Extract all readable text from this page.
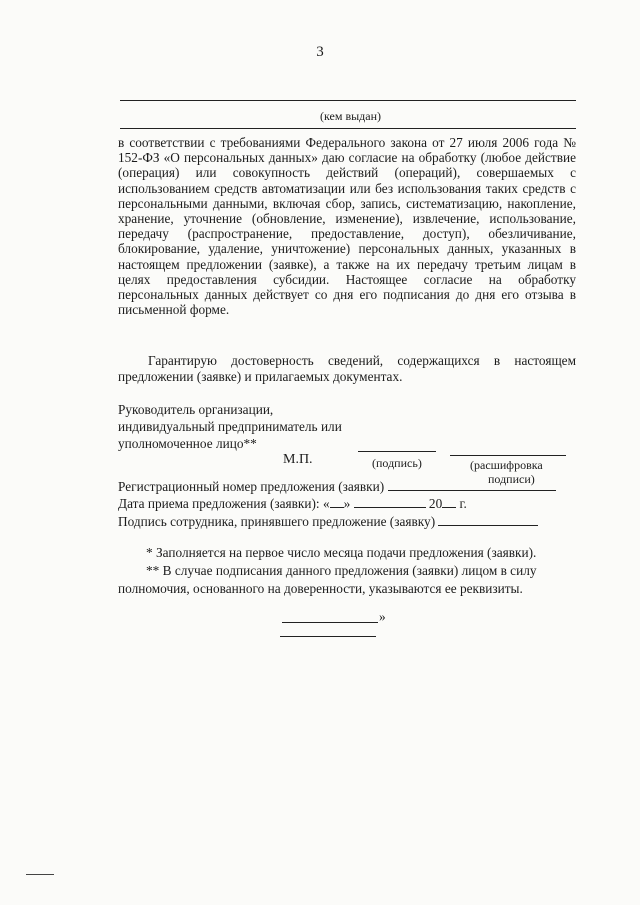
3
(кем выдан)
в соответствии с требованиями Федерального закона от 27 июля 2006 года № 152-ФЗ «О персональных данных» даю согласие на обработку (любое действие (операция) или совокупность действий (операций), совершаемых с использованием средств автоматизации или без использования таких средств с персональными данными, включая сбор, запись, систематизацию, накопление, хранение, уточнение (обновление, изменение), извлечение, использование, передачу (распространение, предоставление, доступ), обезличивание, блокирование, удаление, уничтожение) персональных данных, указанных в настоящем предложении (заявке), а также на их передачу третьим лицам в целях предоставления субсидии. Настоящее согласие на обработку персональных данных действует со дня его подписания до дня его отзыва в письменной форме.
Гарантирую достоверность сведений, содержащихся в настоящем предложении (заявке) и прилагаемых документах.
Руководитель организации,
индивидуальный предприниматель или
уполномоченное лицо**
М.П.	(подпись)	(расшифровка
подписи)
Регистрационный номер предложения (заявки)
Дата приема предложения (заявки): « »	20 г.
Подпись сотрудника, принявшего предложение (заявку)
* Заполняется на первое число месяца подачи предложения (заявки).
** В случае подписания данного предложения (заявки) лицом в силу полномочия, основанного на доверенности, указываются ее реквизиты.
»
